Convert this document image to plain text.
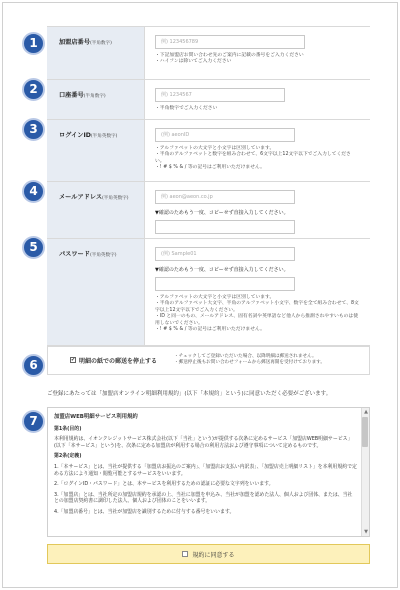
加盟店番号(半角数字)	例) 123456789
・下記加盟店お問い合わせ先のご案内に記載の番号をご入力ください
・ハイフンは除いてご入力ください
口座番号(半角数字)	例) 1234567
・半角数字でご入力ください
ログインID(半角英数字)	(例) aeonID
・アルファベットの大文字と小文字は区別しています。
・半角のアルファベットと数字を組み合わせて、6文字以上12文字以下でご入力してください。
・! # $ % & / 等の記号はご利用いただけません。
メールアドレス(半角英数字)	例) aeon@aeon.co.jp
▼確認のためもう一度、コピーせず直接入力してください。
パスワード(半角英数字)	(例) Sample01
▼確認のためもう一度、コピーせず直接入力してください。
・アルファベットの大文字と小文字は区別しています。
・半角のアルファベット大文字、半角のアルファベット小文字、数字を全て組み合わせて、8文字以上12文字以下でご入力ください。
・ID と同一のもの、メールアドレス、固有名詞や英単語など他人から推測されやすいものは使用しないでください。
・! # $ % & / 等の記号はご利用いただけません。
1
2
3
4
5
6
7
✔ 明細の紙での郵送を停止する
・チェックしてご登録いただいた場合、以降明細は郵送されません。
・郵送停止後もお問い合わせフォームから郵送再開を受付けております。
ご登録にあたっては「加盟店オンライン明細利用規約」(以下「本規約」という)に同意いただく必要がございます。
加盟店WEB明細サービス利用規約
第1条(目的)
本利用規約は、イオンクレジットサービス株式会社(以下「当社」という)が提供する次条に定めるサービス「加盟店WEB明細サービス」(以下「本サービス」という)を、次条に定める加盟店が利用する場合の利用方法および遵守事項について定めるものです。
第2条(定義)
1.「本サービス」とは、当社が提供する「加盟店お振込のご案内」、「加盟店お支払い内訳表」、「加盟店売上明細リスト」を本利用規約で定める方法により通知・閲覧可能とするサービスをいいます。
2.「ログインID・パスワード」とは、本サービスを利用するための認証に必要な文字列をいいます。
3.「加盟店」とは、当社所定の加盟店規約を承認の上、当社に加盟を申込み、当社が加盟を認めた法人、個人および団体、または、当社との加盟店契約書に調印した法人、個人および団体のことをいいます。
4.「加盟店番号」とは、当社が加盟店を識別するために付与する番号をいいます。
▲
▼
規約に同意する
